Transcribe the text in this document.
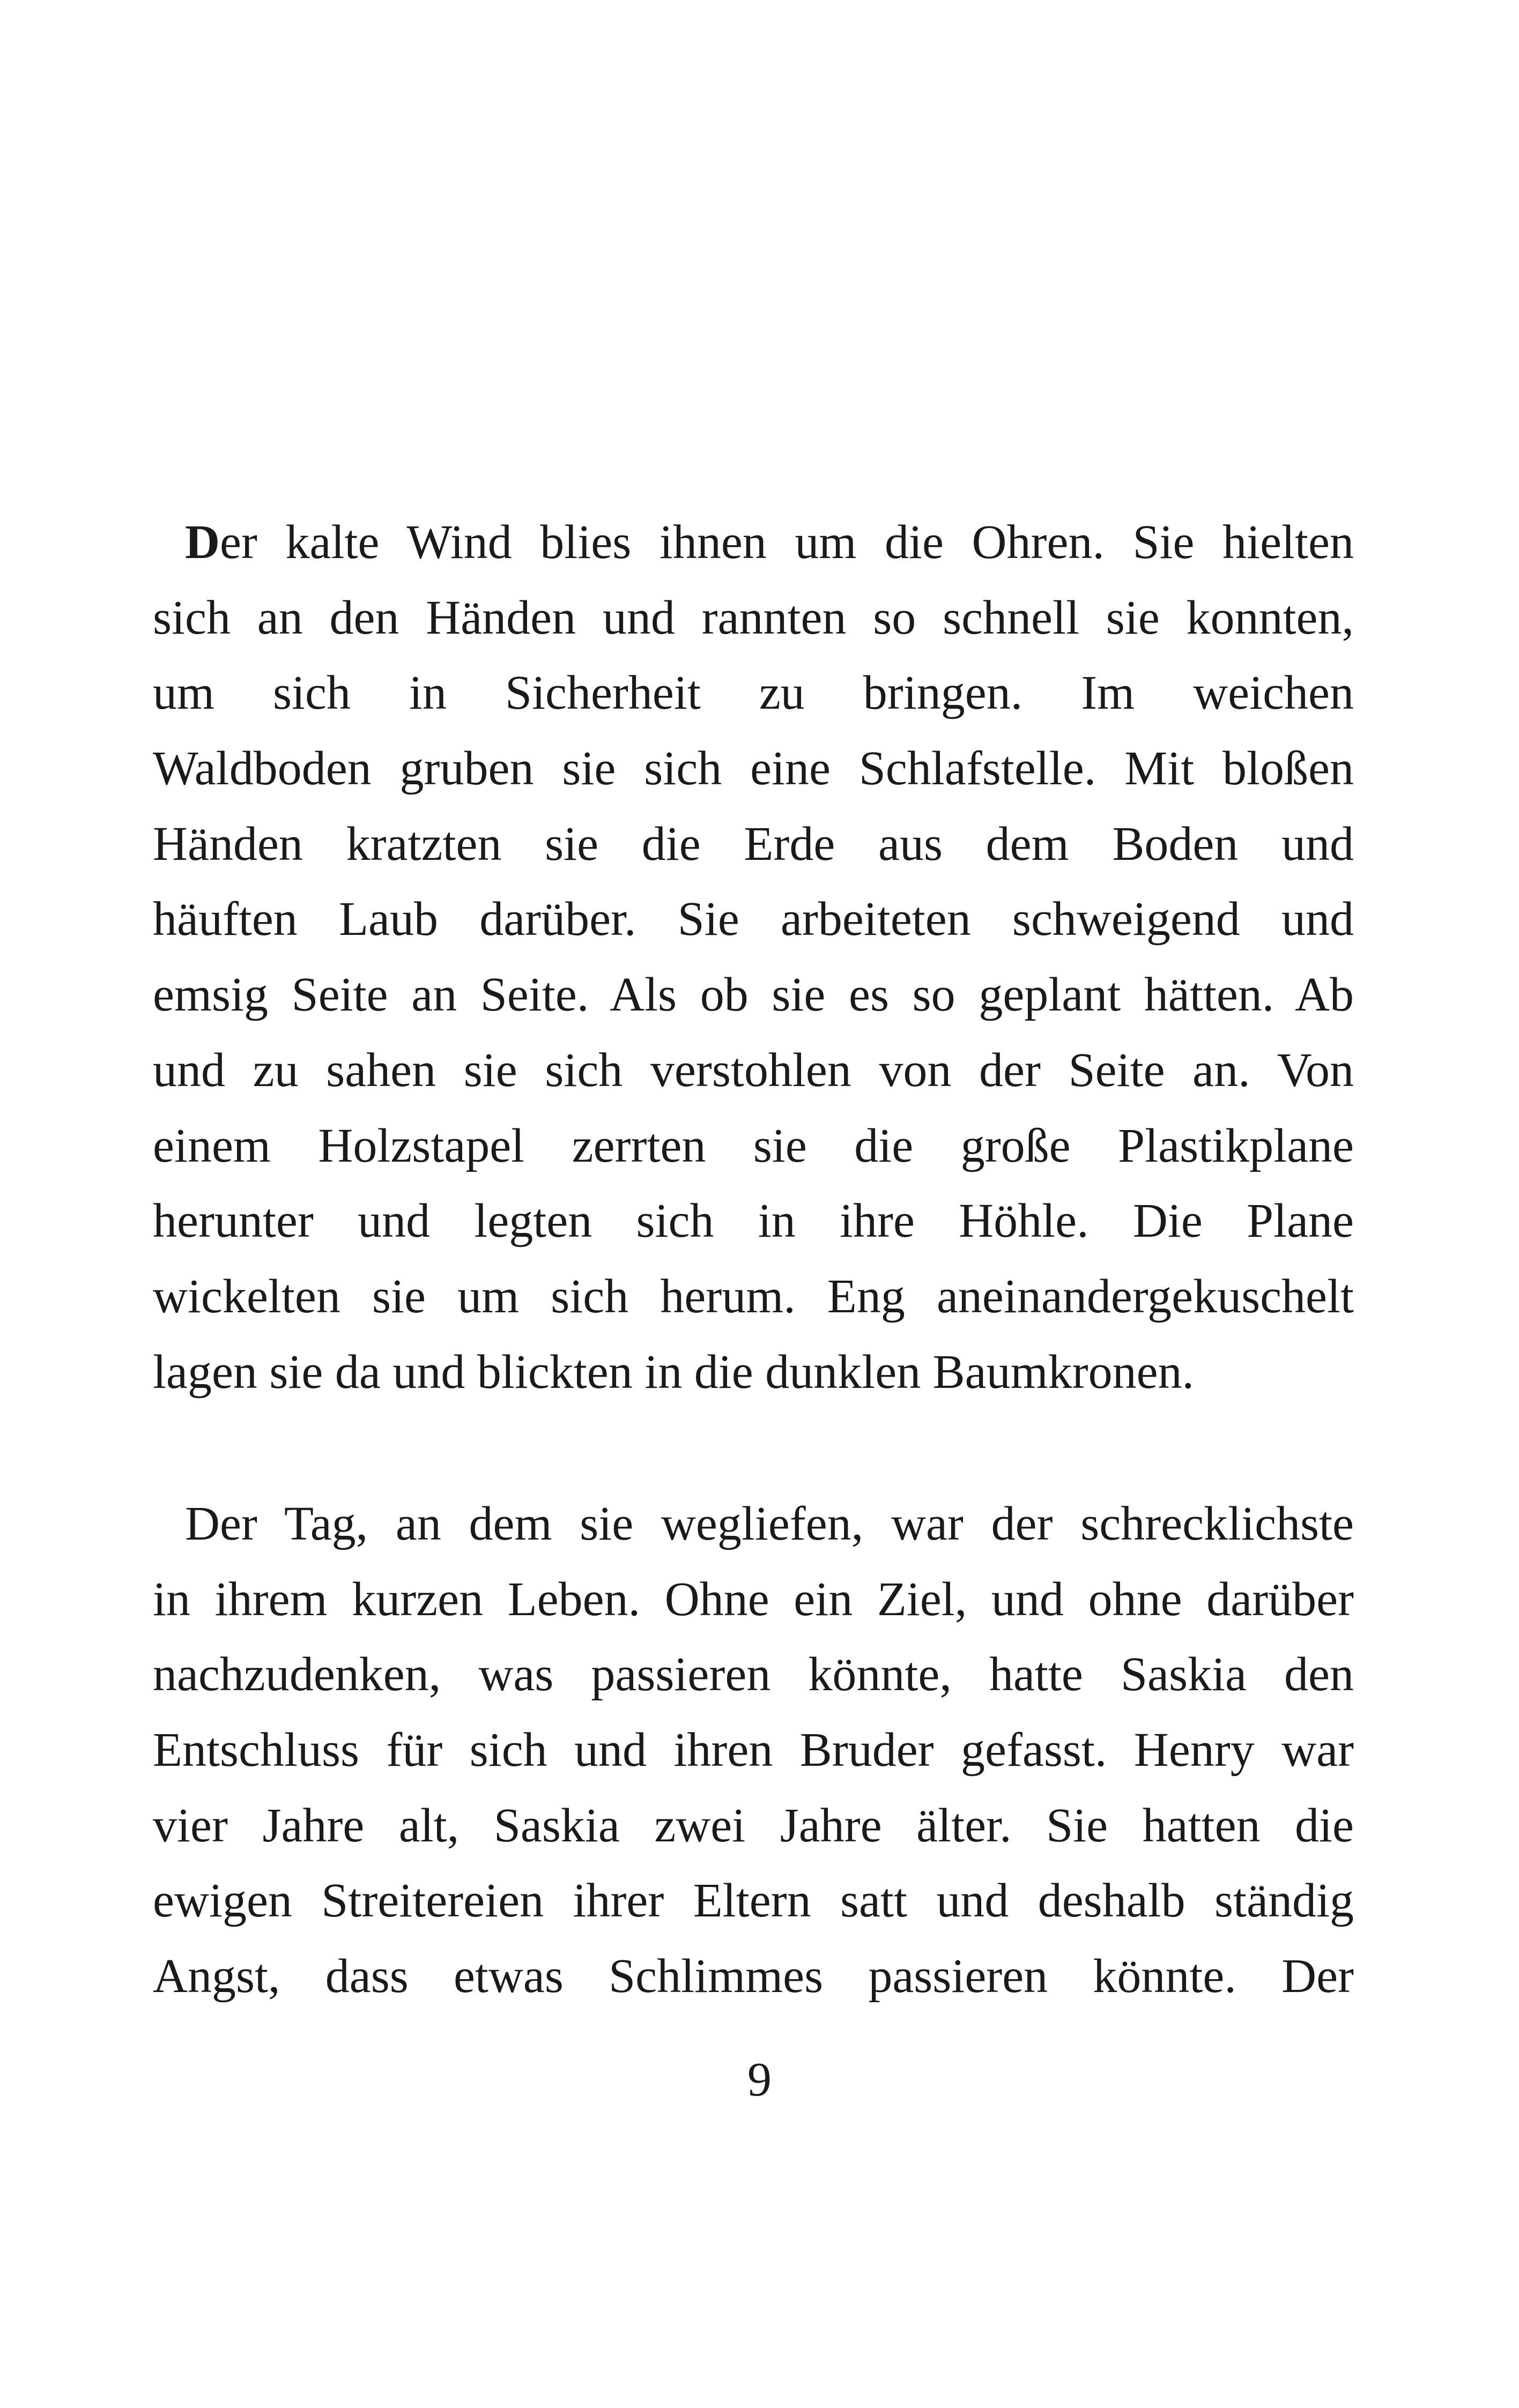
Der kalte Wind blies ihnen um die Ohren. Sie hielten
sich an den Händen und rannten so schnell sie konnten,
um sich in Sicherheit zu bringen. Im weichen
Waldboden gruben sie sich eine Schlafstelle. Mit bloßen
Händen kratzten sie die Erde aus dem Boden und
häuften Laub darüber. Sie arbeiteten schweigend und
emsig Seite an Seite. Als ob sie es so geplant hätten. Ab
und zu sahen sie sich verstohlen von der Seite an. Von
einem Holzstapel zerrten sie die große Plastikplane
herunter und legten sich in ihre Höhle. Die Plane
wickelten sie um sich herum. Eng aneinandergekuschelt
lagen sie da und blickten in die dunklen Baumkronen.
Der Tag, an dem sie wegliefen, war der schrecklichste
in ihrem kurzen Leben. Ohne ein Ziel, und ohne darüber
nachzudenken, was passieren könnte, hatte Saskia den
Entschluss für sich und ihren Bruder gefasst. Henry war
vier Jahre alt, Saskia zwei Jahre älter. Sie hatten die
ewigen Streitereien ihrer Eltern satt und deshalb ständig
Angst, dass etwas Schlimmes passieren könnte. Der
9
